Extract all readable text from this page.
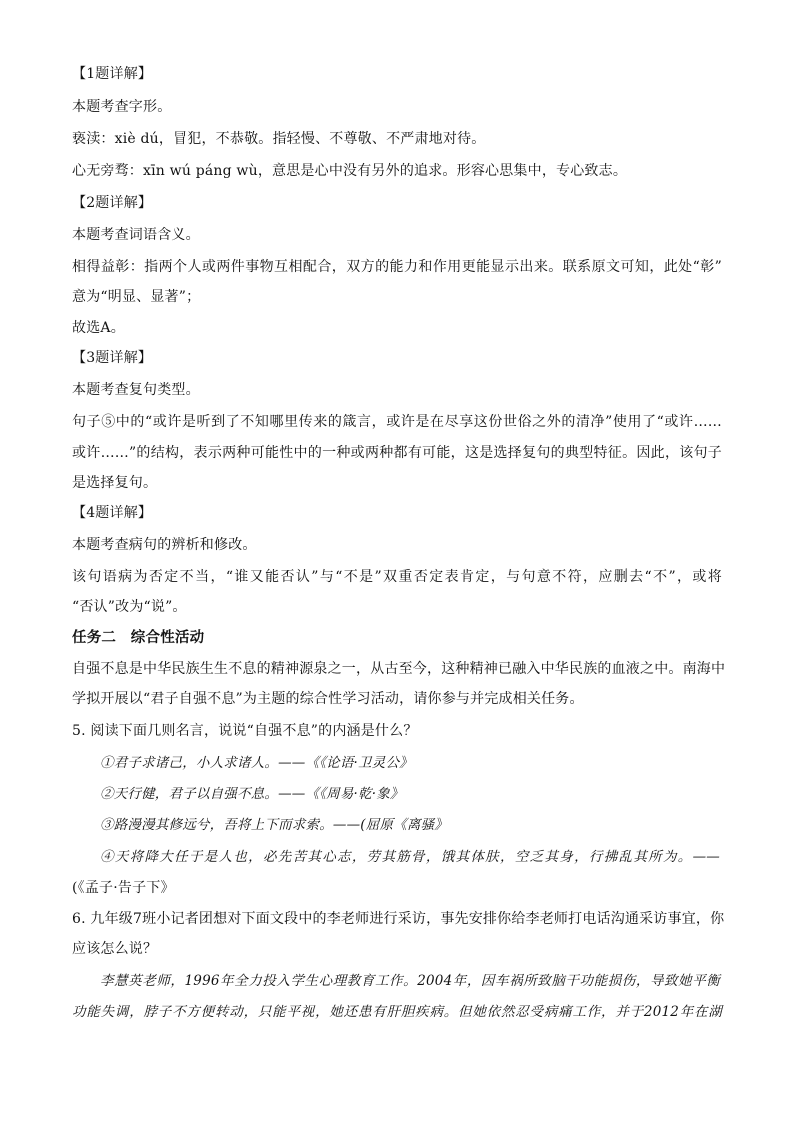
【1题详解】
本题考查字形。
亵渎：xiè dú，冒犯，不恭敬。指轻慢、不尊敬、不严肃地对待。
心无旁骛：xīn wú páng wù，意思是心中没有另外的追求。形容心思集中，专心致志。
【2题详解】
本题考查词语含义。
相得益彰：指两个人或两件事物互相配合，双方的能力和作用更能显示出来。联系原文可知，此处“彰”
意为“明显、显著”；
故选A。
【3题详解】
本题考查复句类型。
句子⑤中的“或许是听到了不知哪里传来的箴言，或许是在尽享这份世俗之外的清净”使用了“或许……
或许……”的结构，表示两种可能性中的一种或两种都有可能，这是选择复句的典型特征。因此，该句子
是选择复句。
【4题详解】
本题考查病句的辨析和修改。
该句语病为否定不当，“谁又能否认”与“不是”双重否定表肯定，与句意不符，应删去“不”，或将
“否认”改为“说”。
任务二　综合性活动
自强不息是中华民族生生不息的精神源泉之一，从古至今，这种精神已融入中华民族的血液之中。南海中
学拟开展以“君子自强不息”为主题的综合性学习活动，请你参与并完成相关任务。
5. 阅读下面几则名言，说说“自强不息”的内涵是什么？
①君子求诸己，小人求诸人。——《《论语·卫灵公》
②天行健，君子以自强不息。——《《周易·乾·象》
③路漫漫其修远兮，吾将上下而求索。——(屈原《离骚》
④天将降大任于是人也，必先苦其心志，劳其筋骨，饿其体肤，空乏其身，行拂乱其所为。——
(《孟子·告子下》
6. 九年级7班小记者团想对下面文段中的李老师进行采访，事先安排你给李老师打电话沟通采访事宜，你
应该怎么说？
李慧英老师，1996年全力投入学生心理教育工作。2004年，因车祸所致脑干功能损伤，导致她平衡
功能失调，脖子不方便转动，只能平视，她还患有肝胆疾病。但她依然忍受病痛工作，并于2012年在湖
